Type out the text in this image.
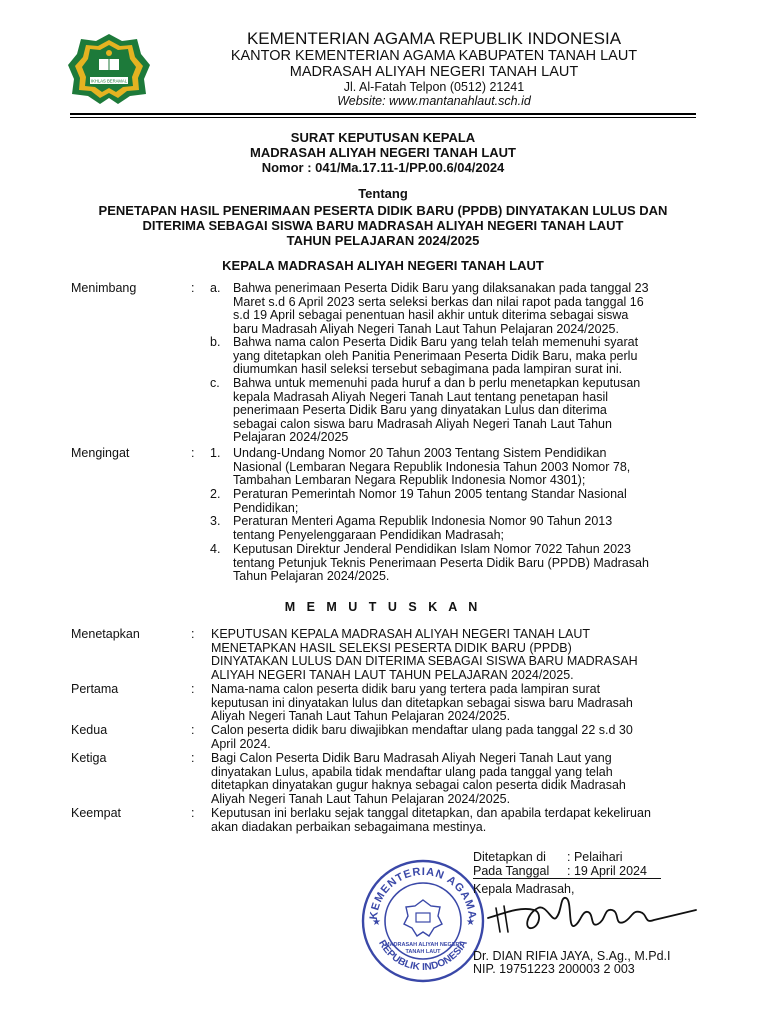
IKHLAS BERAMAL
KEMENTERIAN AGAMA REPUBLIK INDONESIA
KANTOR KEMENTERIAN AGAMA KABUPATEN TANAH LAUT
MADRASAH ALIYAH NEGERI TANAH LAUT
Jl. Al-Fatah Telpon (0512) 21241
Website: www.mantanahlaut.sch.id
SURAT KEPUTUSAN KEPALA
MADRASAH ALIYAH NEGERI TANAH LAUT
Nomor : 041/Ma.17.11-1/PP.00.6/04/2024
Tentang
PENETAPAN HASIL PENERIMAAN PESERTA DIDIK BARU (PPDB) DINYATAKAN LULUS DAN
DITERIMA SEBAGAI SISWA BARU MADRASAH ALIYAH NEGERI TANAH LAUT
TAHUN PELAJARAN 2024/2025
KEPALA MADRASAH ALIYAH NEGERI TANAH LAUT
Menimbang	: a. Bahwa penerimaan Peserta Didik Baru yang dilaksanakan pada tanggal 23
Maret s.d 6 April 2023 serta seleksi berkas dan nilai rapot pada tanggal 16
s.d 19 April sebagai penentuan hasil akhir untuk diterima sebagai siswa
baru Madrasah Aliyah Negeri Tanah Laut Tahun Pelajaran 2024/2025.
b. Bahwa nama calon Peserta Didik Baru yang telah telah memenuhi syarat
yang ditetapkan oleh Panitia Penerimaan Peserta Didik Baru, maka perlu
diumumkan hasil seleksi tersebut sebagimana pada lampiran surat ini.
c. Bahwa untuk memenuhi pada huruf a dan b perlu menetapkan keputusan
kepala Madrasah Aliyah Negeri Tanah Laut tentang penetapan hasil
penerimaan Peserta Didik Baru yang dinyatakan Lulus dan diterima
sebagai calon siswa baru Madrasah Aliyah Negeri Tanah Laut Tahun
Pelajaran 2024/2025
Mengingat	: 1. Undang-Undang Nomor 20 Tahun 2003 Tentang Sistem Pendidikan
Nasional (Lembaran Negara Republik Indonesia Tahun 2003 Nomor 78,
Tambahan Lembaran Negara Republik Indonesia Nomor 4301);
2. Peraturan Pemerintah Nomor 19 Tahun 2005 tentang Standar Nasional
Pendidikan;
3. Peraturan Menteri Agama Republik Indonesia Nomor 90 Tahun 2013
tentang Penyelenggaraan Pendidikan Madrasah;
4. Keputusan Direktur Jenderal Pendidikan Islam Nomor 7022 Tahun 2023
tentang Petunjuk Teknis Penerimaan Peserta Didik Baru (PPDB) Madrasah
Tahun Pelajaran 2024/2025.
M E M U T U S K A N
Menetapkan	: KEPUTUSAN KEPALA MADRASAH ALIYAH NEGERI TANAH LAUT
MENETAPKAN HASIL SELEKSI PESERTA DIDIK BARU (PPDB)
DINYATAKAN LULUS DAN DITERIMA SEBAGAI SISWA BARU MADRASAH
ALIYAH NEGERI TANAH LAUT TAHUN PELAJARAN 2024/2025.
Pertama	: Nama-nama calon peserta didik baru yang tertera pada lampiran surat
keputusan ini dinyatakan lulus dan ditetapkan sebagai siswa baru Madrasah
Aliyah Negeri Tanah Laut Tahun Pelajaran 2024/2025.
Kedua	: Calon peserta didik baru diwajibkan mendaftar ulang pada tanggal 22 s.d 30
April 2024.
Ketiga	: Bagi Calon Peserta Didik Baru Madrasah Aliyah Negeri Tanah Laut yang
dinyatakan Lulus, apabila tidak mendaftar ulang pada tanggal yang telah
ditetapkan dinyatakan gugur haknya sebagai calon peserta didik Madrasah
Aliyah Negeri Tanah Laut Tahun Pelajaran 2024/2025.
Keempat	: Keputusan ini berlaku sejak tanggal ditetapkan, dan apabila terdapat kekeliruan
akan diadakan perbaikan sebagaimana mestinya.
KEMENTERIAN AGAMA
REPUBLIK INDONESIA
★	★
MADRASAH ALIYAH NEGERI
TANAH LAUT
Ditetapkan di	: Pelaihari
Pada Tanggal	: 19 April 2024
Kepala Madrasah,
Dr. DIAN RIFIA JAYA, S.Ag., M.Pd.I
NIP. 19751223 200003 2 003
